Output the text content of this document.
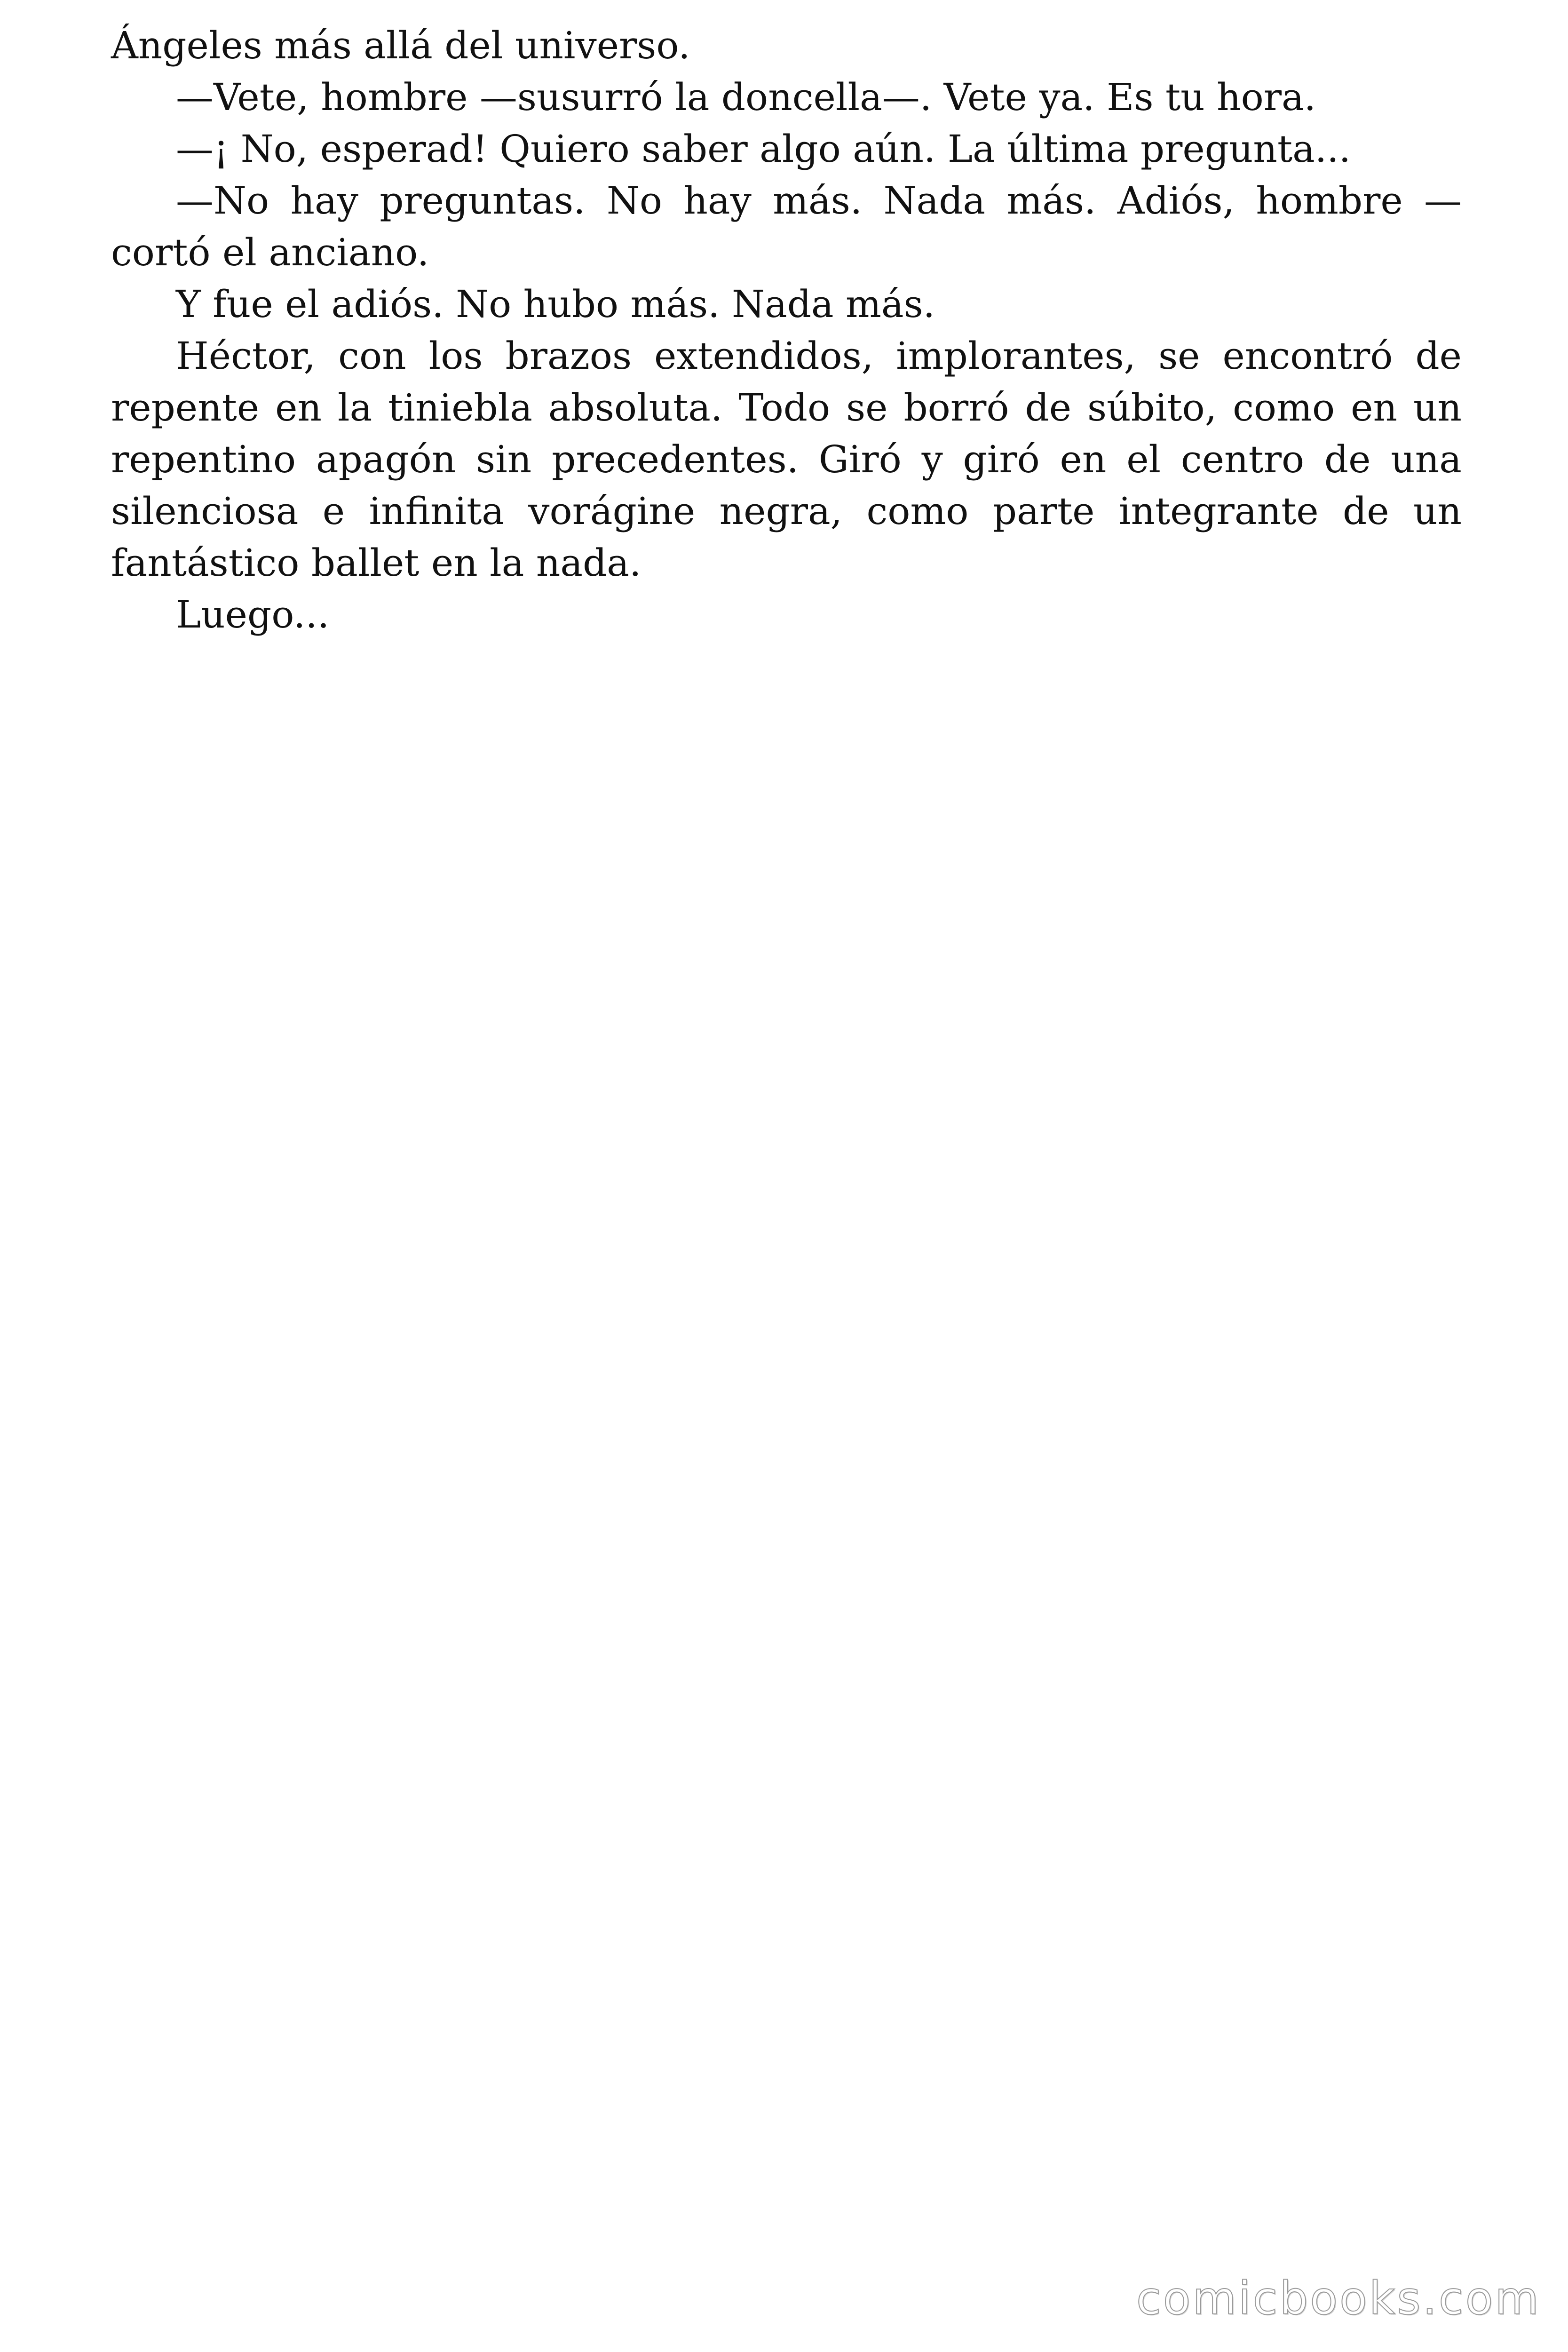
Ángeles más allá del universo.

—Vete, hombre —susurró la doncella—. Vete ya. Es tu hora.

—¡ No, esperad! Quiero saber algo aún. La última pregunta...

—No hay preguntas. No hay más. Nada más. Adiós, hombre — cortó el anciano.

Y fue el adiós. No hubo más. Nada más.

Héctor, con los brazos extendidos, implorantes, se encontró de repente en la tiniebla absoluta. Todo se borró de súbito, como en un repentino apagón sin precedentes. Giró y giró en el centro de una silenciosa e infinita vorágine negra, como parte integrante de un fantástico ballet en la nada.

Luego...

comicbooks.com
